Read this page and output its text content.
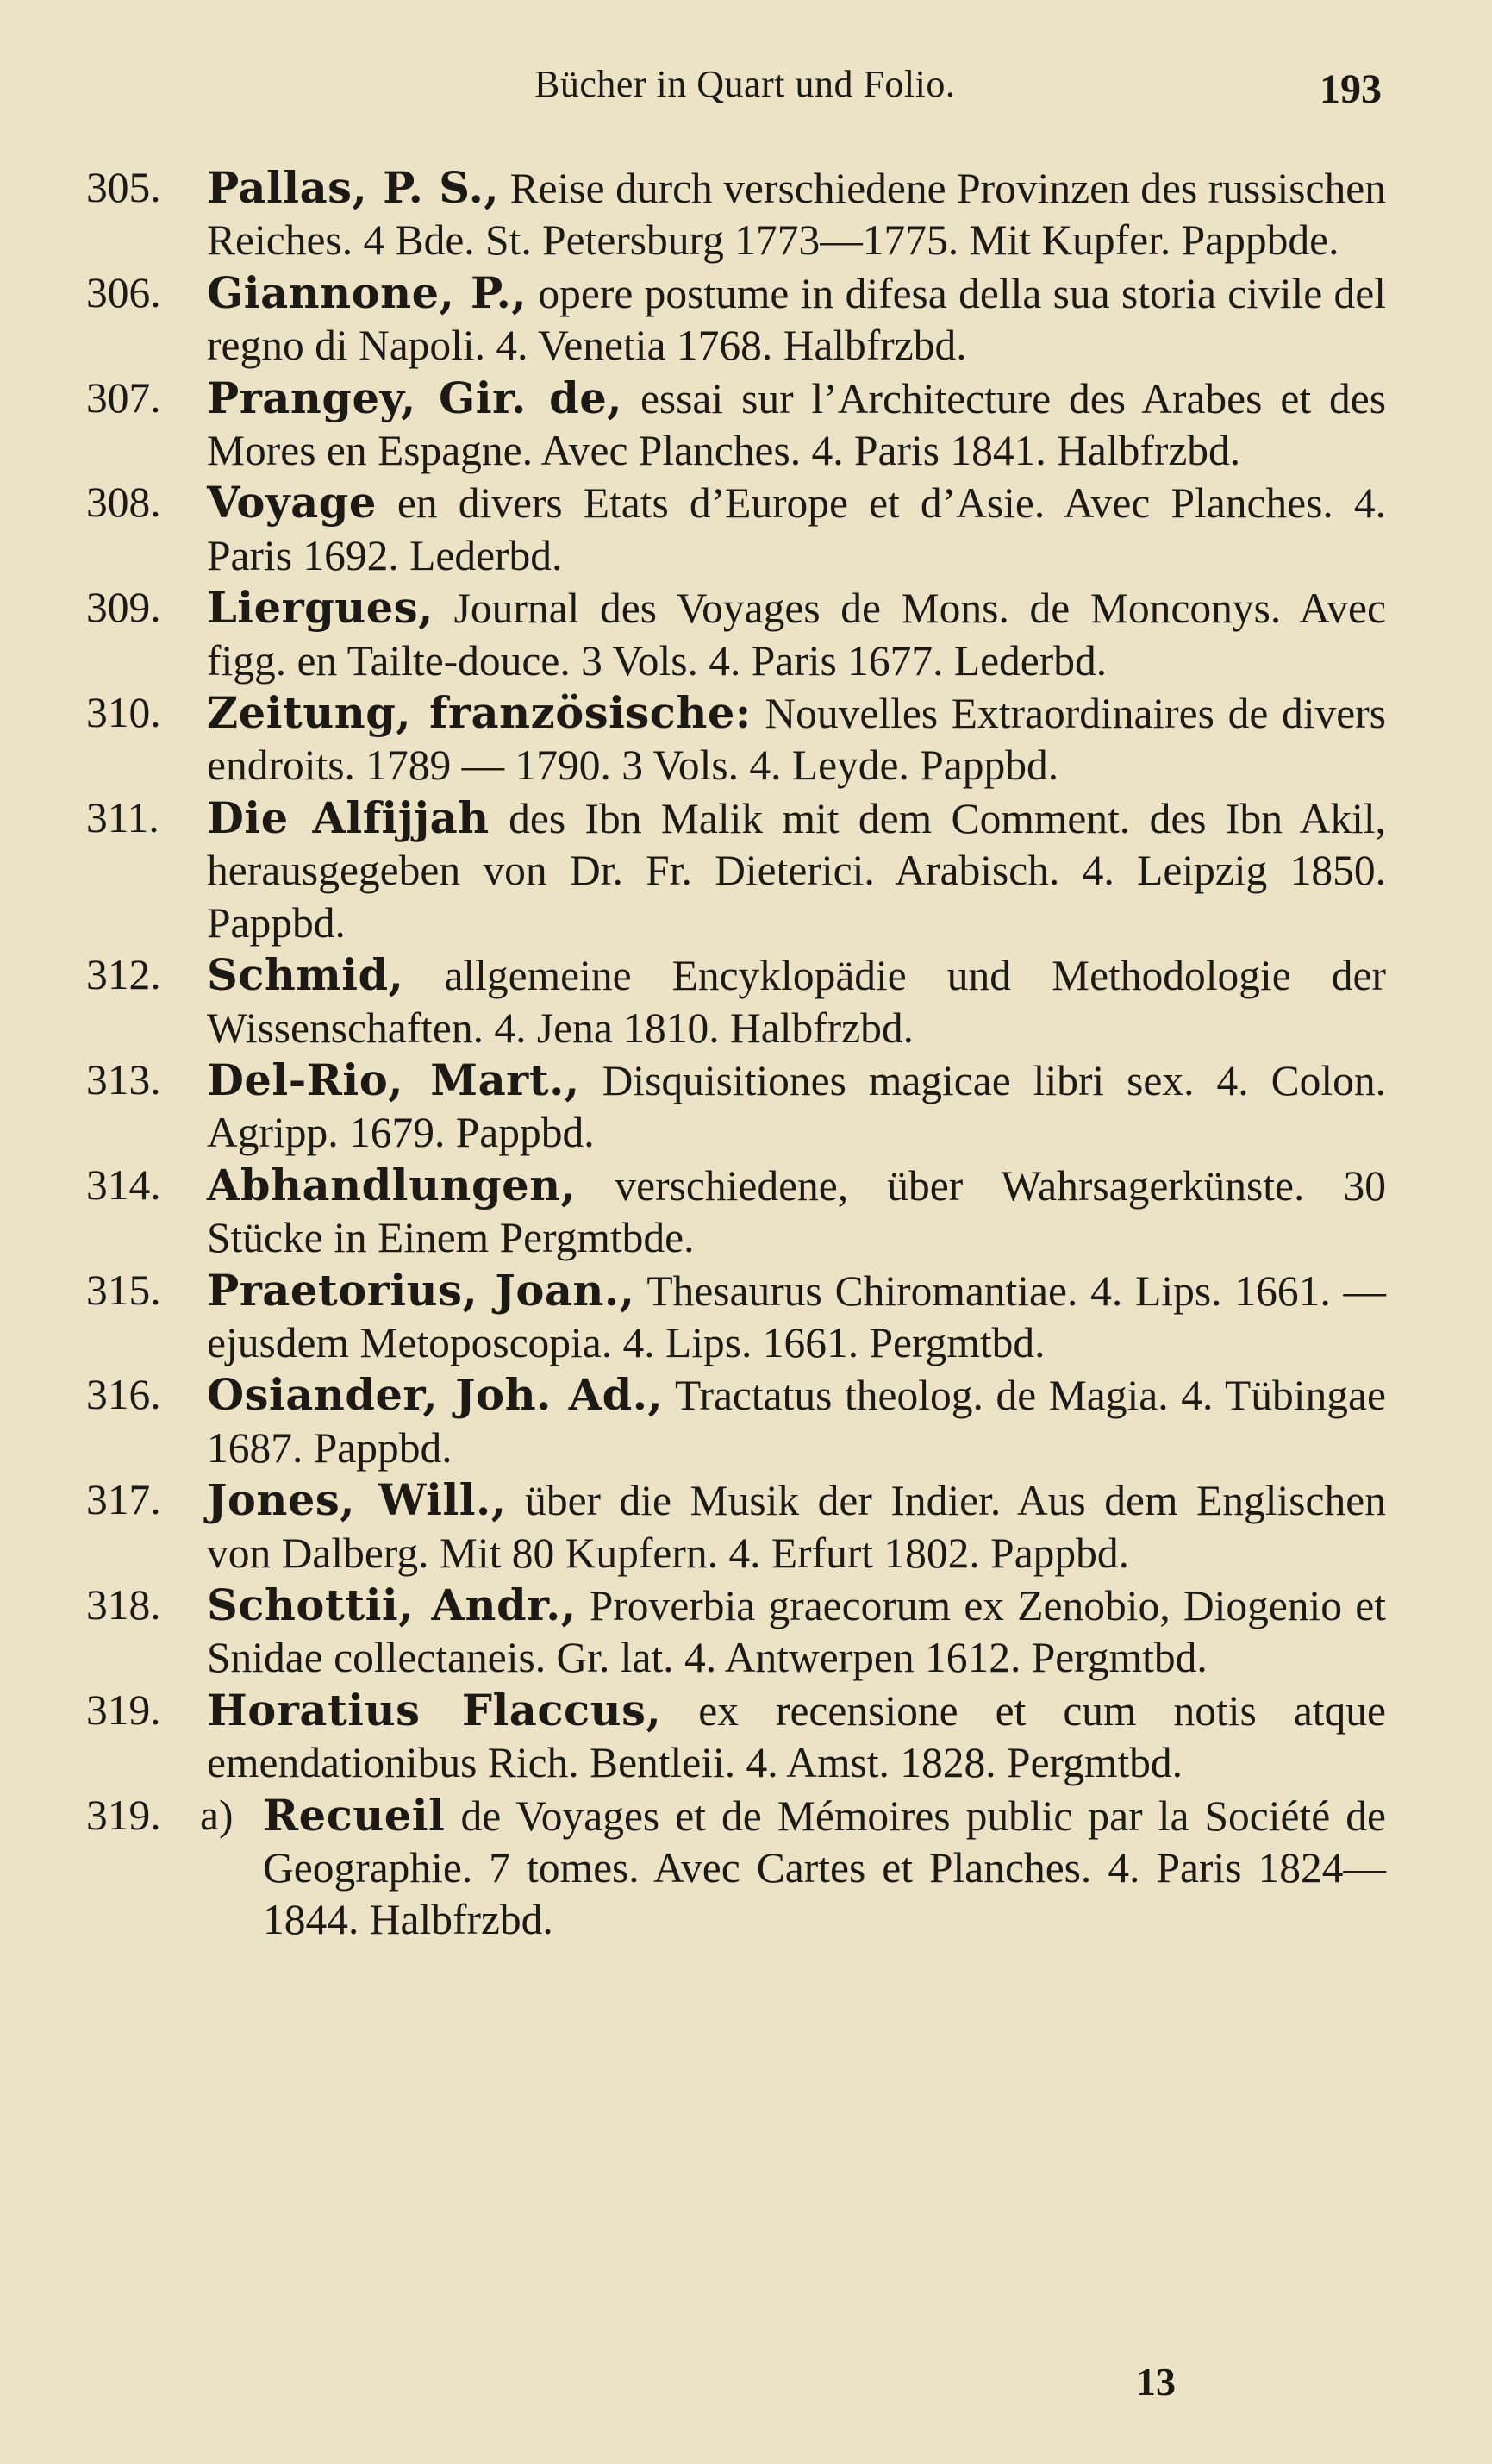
Bücher in Quart und Folio.	193
305.	Pallas, P. S., Reise durch verschiedene Provinzen des russischen Reiches. 4 Bde. St. Petersburg 1773—1775. Mit Kupfer. Pappbde.
306.	Giannone, P., opere postume in difesa della sua storia civile del regno di Napoli. 4. Venetia 1768. Halbfrzbd.
307.	Prangey, Gir. de, essai sur l’Architecture des Arabes et des Mores en Espagne. Avec Planches. 4. Paris 1841. Halbfrzbd.
308.	Voyage en divers Etats d’Europe et d’Asie. Avec Planches. 4. Paris 1692. Lederbd.
309.	Liergues, Journal des Voyages de Mons. de Monconys. Avec figg. en Tailte-douce. 3 Vols. 4. Paris 1677. Lederbd.
310.	Zeitung, französische: Nouvelles Extraordinaires de divers endroits. 1789 — 1790. 3 Vols. 4. Leyde. Pappbd.
311.	Die Alfijjah des Ibn Malik mit dem Comment. des Ibn Akil, herausgegeben von Dr. Fr. Dieterici. Arabisch. 4. Leipzig 1850. Pappbd.
312.	Schmid, allgemeine Encyklopädie und Methodologie der Wissenschaften. 4. Jena 1810. Halbfrzbd.
313.	Del-Rio, Mart., Disquisitiones magicae libri sex. 4. Colon. Agripp. 1679. Pappbd.
314.	Abhandlungen, verschiedene, über Wahrsagerkünste. 30 Stücke in Einem Pergmtbde.
315.	Praetorius, Joan., Thesaurus Chiromantiae. 4. Lips. 1661. — ejusdem Metoposcopia. 4. Lips. 1661. Pergmtbd.
316.	Osiander, Joh. Ad., Tractatus theolog. de Magia. 4. Tübingae 1687. Pappbd.
317.	Jones, Will., über die Musik der Indier. Aus dem Englischen von Dalberg. Mit 80 Kupfern. 4. Erfurt 1802. Pappbd.
318.	Schottii, Andr., Proverbia graecorum ex Zenobio, Diogenio et Snidae collectaneis. Gr. lat. 4. Antwerpen 1612. Pergmtbd.
319.	Horatius Flaccus, ex recensione et cum notis atque emendationibus Rich. Bentleii. 4. Amst. 1828. Pergmtbd.
319. a) Recueil de Voyages et de Mémoires public par la Société de Geographie. 7 tomes. Avec Cartes et Planches. 4. Paris 1824—1844. Halbfrzbd.
13
